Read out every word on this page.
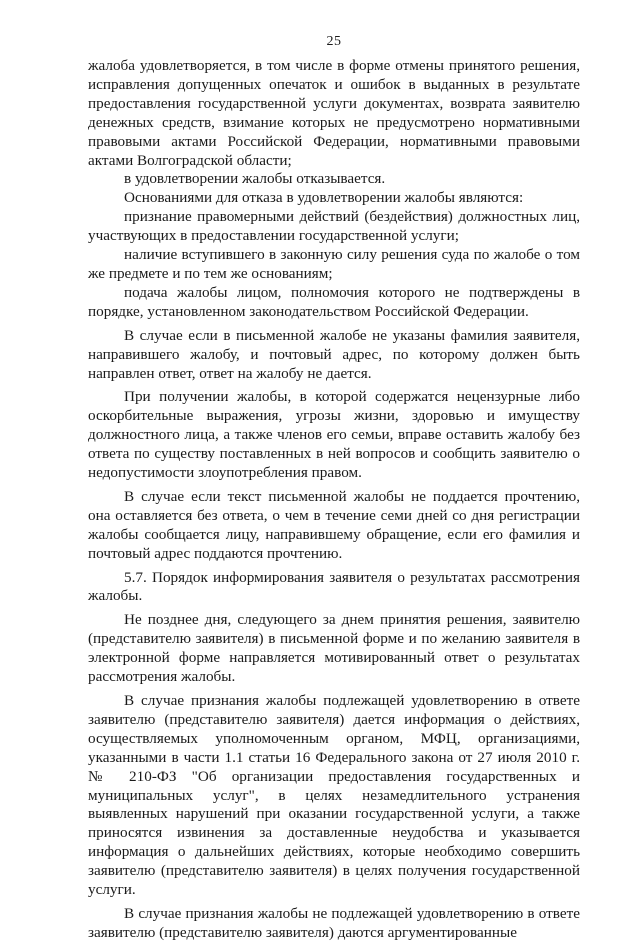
25

жалоба удовлетворяется, в том числе в форме отмены принятого решения, исправления допущенных опечаток и ошибок в выданных в результате предоставления государственной услуги документах, возврата заявителю денежных средств, взимание которых не предусмотрено нормативными правовыми актами Российской Федерации, нормативными правовыми актами Волгоградской области;

в удовлетворении жалобы отказывается.

Основаниями для отказа в удовлетворении жалобы являются:

признание правомерными действий (бездействия) должностных лиц, участвующих в предоставлении государственной услуги;

наличие вступившего в законную силу решения суда по жалобе о том же предмете и по тем же основаниям;

подача жалобы лицом, полномочия которого не подтверждены в порядке, установленном законодательством Российской Федерации.

В случае если в письменной жалобе не указаны фамилия заявителя, направившего жалобу, и почтовый адрес, по которому должен быть направлен ответ, ответ на жалобу не дается.

При получении жалобы, в которой содержатся нецензурные либо оскорбительные выражения, угрозы жизни, здоровью и имуществу должностного лица, а также членов его семьи, вправе оставить жалобу без ответа по существу поставленных в ней вопросов и сообщить заявителю о недопустимости злоупотребления правом.

В случае если текст письменной жалобы не поддается прочтению, она оставляется без ответа, о чем в течение семи дней со дня регистрации жалобы сообщается лицу, направившему обращение, если его фамилия и почтовый адрес поддаются прочтению.

5.7. Порядок информирования заявителя о результатах рассмотрения жалобы.

Не позднее дня, следующего за днем принятия решения, заявителю (представителю заявителя) в письменной форме и по желанию заявителя в электронной форме направляется мотивированный ответ о результатах рассмотрения жалобы.

В случае признания жалобы подлежащей удовлетворению в ответе заявителю (представителю заявителя) дается информация о действиях, осуществляемых уполномоченным органом, МФЦ, организациями, указанными в части 1.1 статьи 16 Федерального закона от 27 июля 2010 г. № 210-ФЗ "Об организации предоставления государственных и муниципальных услуг", в целях незамедлительного устранения выявленных нарушений при оказании государственной услуги, а также приносятся извинения за доставленные неудобства и указывается информация о дальнейших действиях, которые необходимо совершить заявителю (представителю заявителя) в целях получения государственной услуги.

В случае признания жалобы не подлежащей удовлетворению в ответе заявителю (представителю заявителя) даются аргументированные
